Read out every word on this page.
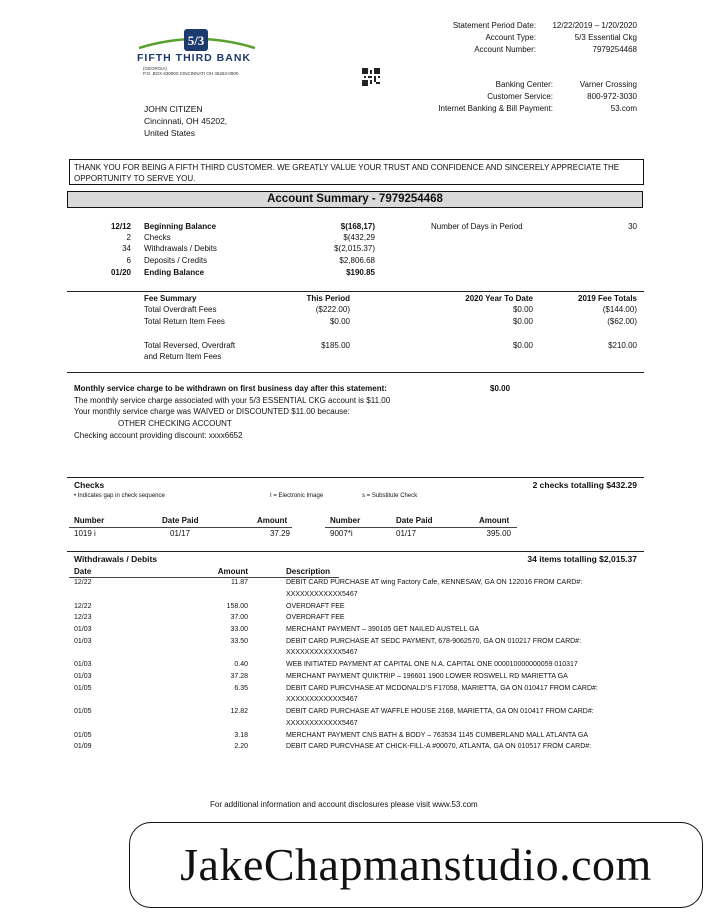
5/3
FIFTH THIRD BANK
(GEORGIA)
P.O. BOX 630900 CINCINNATI OH 45263-0900
Statement Period Date: 12/22/2019 – 1/20/2020
Account Type:	5/3 Essential Ckg
Account Number:	7979254468
Banking Center:	Varner Crossing
Customer Service:	800-972-3030
Internet Banking & Bill Payment:	53.com
JOHN CITIZEN
Cincinnati, OH 45202,
United States
THANK YOU FOR BEING A FIFTH THIRD CUSTOMER. WE GREATLY VALUE YOUR TRUST AND CONFIDENCE AND SINCERELY APPRECIATE THE OPPORTUNITY TO SERVE YOU.
Account Summary - 7979254468
12/12 Beginning Balance	$(168,17)
2 Checks	$(432,29
34 Withdrawals / Debits	$(2,015.37)
6 Deposits / Credits	$2,806.68
01/20 Ending Balance	$190.85
Number of Days in Period	30
Fee Summary	This Period	2020 Year To Date	2019 Fee Totals
Total Overdraft Fees	($222.00)	$0.00	($144.00)
Total Return Item Fees	$0.00	$0.00	($62.00)
Total Reversed, Overdraft
and Return Item Fees
$185.00	$0.00	$210.00
Monthly service charge to be withdrawn on first business day after this statement:	$0.00
The monthly service charge associated with your 5/3 ESSENTIAL CKG account is $11.00
Your monthly service charge was WAIVED or DISCOUNTED $11.00 because:
OTHER CHECKING ACCOUNT
Checking account providing discount: xxxx6652
Checks	2 checks totalling $432.29
• Indicates gap in check sequence	I = Electronic Image	s = Substitute Check
Number	Date Paid	Amount	Number	Date Paid	Amount
1019 i	01/17	37.29	9007*i	01/17	395.00
Withdrawals / Debits	34 items totalling $2,015.37
Date	Amount	Description
12/22	11.87	DEBIT CARD PURCHASE AT wing Factory Cafe, KENNESAW, GA ON 122016 FROM CARD#:
XXXXXXXXXXXX5467
12/22	158.00	OVERDRAFT FEE
12/23	37.00	OVERDRAFT FEE
01/03	33.00	MERCHANT PAYMENT – 390105 GET NAILED AUSTELL GA
01/03	33.50	DEBIT CARD PURCHASE AT SEDC PAYMENT, 678-9062570, GA ON 010217 FROM CARD#:
XXXXXXXXXXXX5467
01/03	0.40	WEB INITIATED PAYMENT AT CAPITAL ONE N.A. CAPITAL ONE 000010000000059 010317
01/03	37.28	MERCHANT PAYMENT QUIKTRIP – 196601 1900 LOWER ROSWELL RD MARIETTA GA
01/05	6.35	DEBIT CARD PURCVHASE AT MCDONALD’S F17058, MARIETTA, GA ON 010417 FROM CARD#:
XXXXXXXXXXXX5467
01/05	12.82	DEBIT CARD PURCHASE AT WAFFLE HOUSE 2168, MARIETTA, GA ON 010417 FROM CARD#:
XXXXXXXXXXXX5467
01/05	3.18	MERCHANT PAYMENT CNS BATH & BODY – 763534 1145 CUMBERLAND MALL ATLANTA GA
01/09	2.20	DEBIT CARD PURCVHASE AT CHICK-FILL-A #00070, ATLANTA, GA ON 010517 FROM CARD#:
For additional information and account disclosures please visit www.53.com
JakeChapmanstudio.com
